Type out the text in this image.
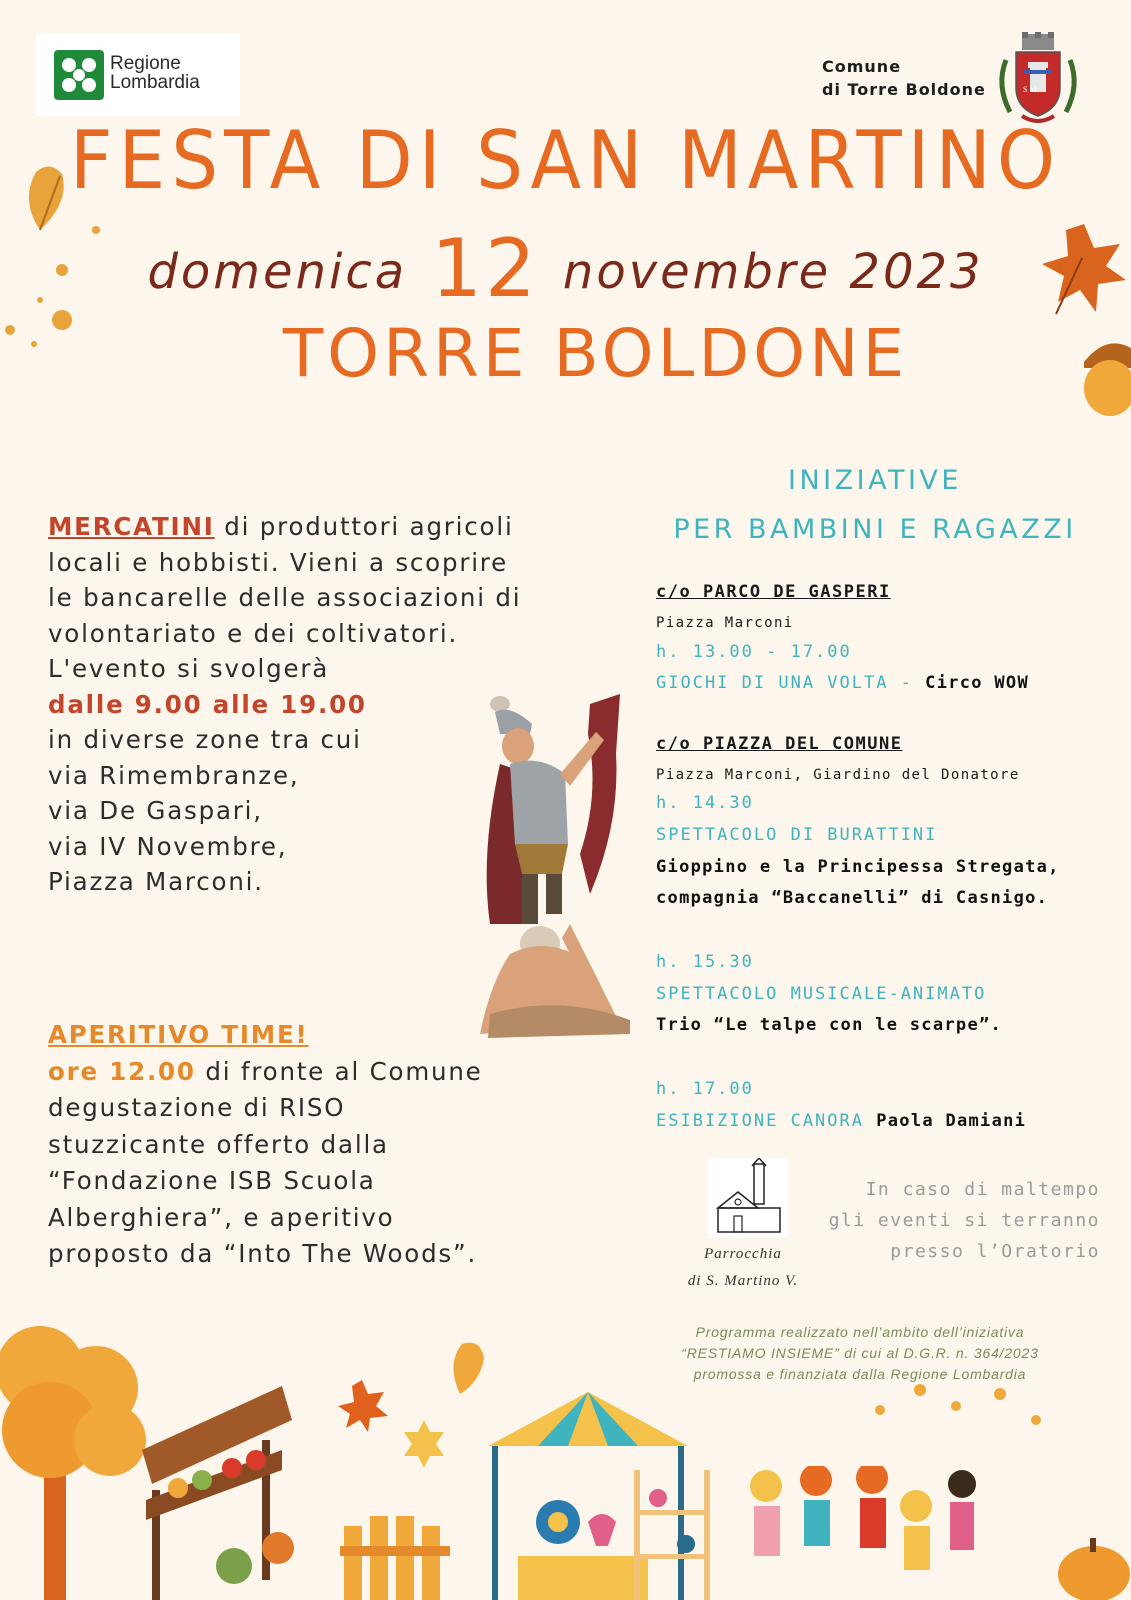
Regione
Lombardia
Comune
di Torre Boldone	S M
FESTA DI SAN MARTINO
domenica 12 novembre 2023
TORRE BOLDONE
MERCATINI di produttori agricoli
locali e hobbisti. Vieni a scoprire
le bancarelle delle associazioni di
volontariato e dei coltivatori.
L'evento si svolgerà
dalle 9.00 alle 19.00
in diverse zone tra cui
via Rimembranze,
via De Gaspari,
via IV Novembre,
Piazza Marconi.
APERITIVO TIME!
ore 12.00 di fronte al Comune
degustazione di RISO
stuzzicante offerto dalla
“Fondazione ISB Scuola
Alberghiera”, e aperitivo
proposto da “Into The Woods”.
INIZIATIVE
PER BAMBINI E RAGAZZI
c/o PARCO DE GASPERI
Piazza Marconi
h. 13.00 - 17.00
GIOCHI DI UNA VOLTA - Circo WOW
c/o PIAZZA DEL COMUNE
Piazza Marconi, Giardino del Donatore
h. 14.30
SPETTACOLO DI BURATTINI
Gioppino e la Principessa Stregata,
compagnia “Baccanelli” di Casnigo.
h. 15.30
SPETTACOLO MUSICALE-ANIMATO
Trio “Le talpe con le scarpe”.
h. 17.00
ESIBIZIONE CANORA Paola Damiani
Parrocchia
di S. Martino V.
In caso di maltempo
gli eventi si terranno
presso l’Oratorio
Programma realizzato nell’ambito dell’iniziativa
“RESTIAMO INSIEME” di cui al D.G.R. n. 364/2023
promossa e finanziata dalla Regione Lombardia
